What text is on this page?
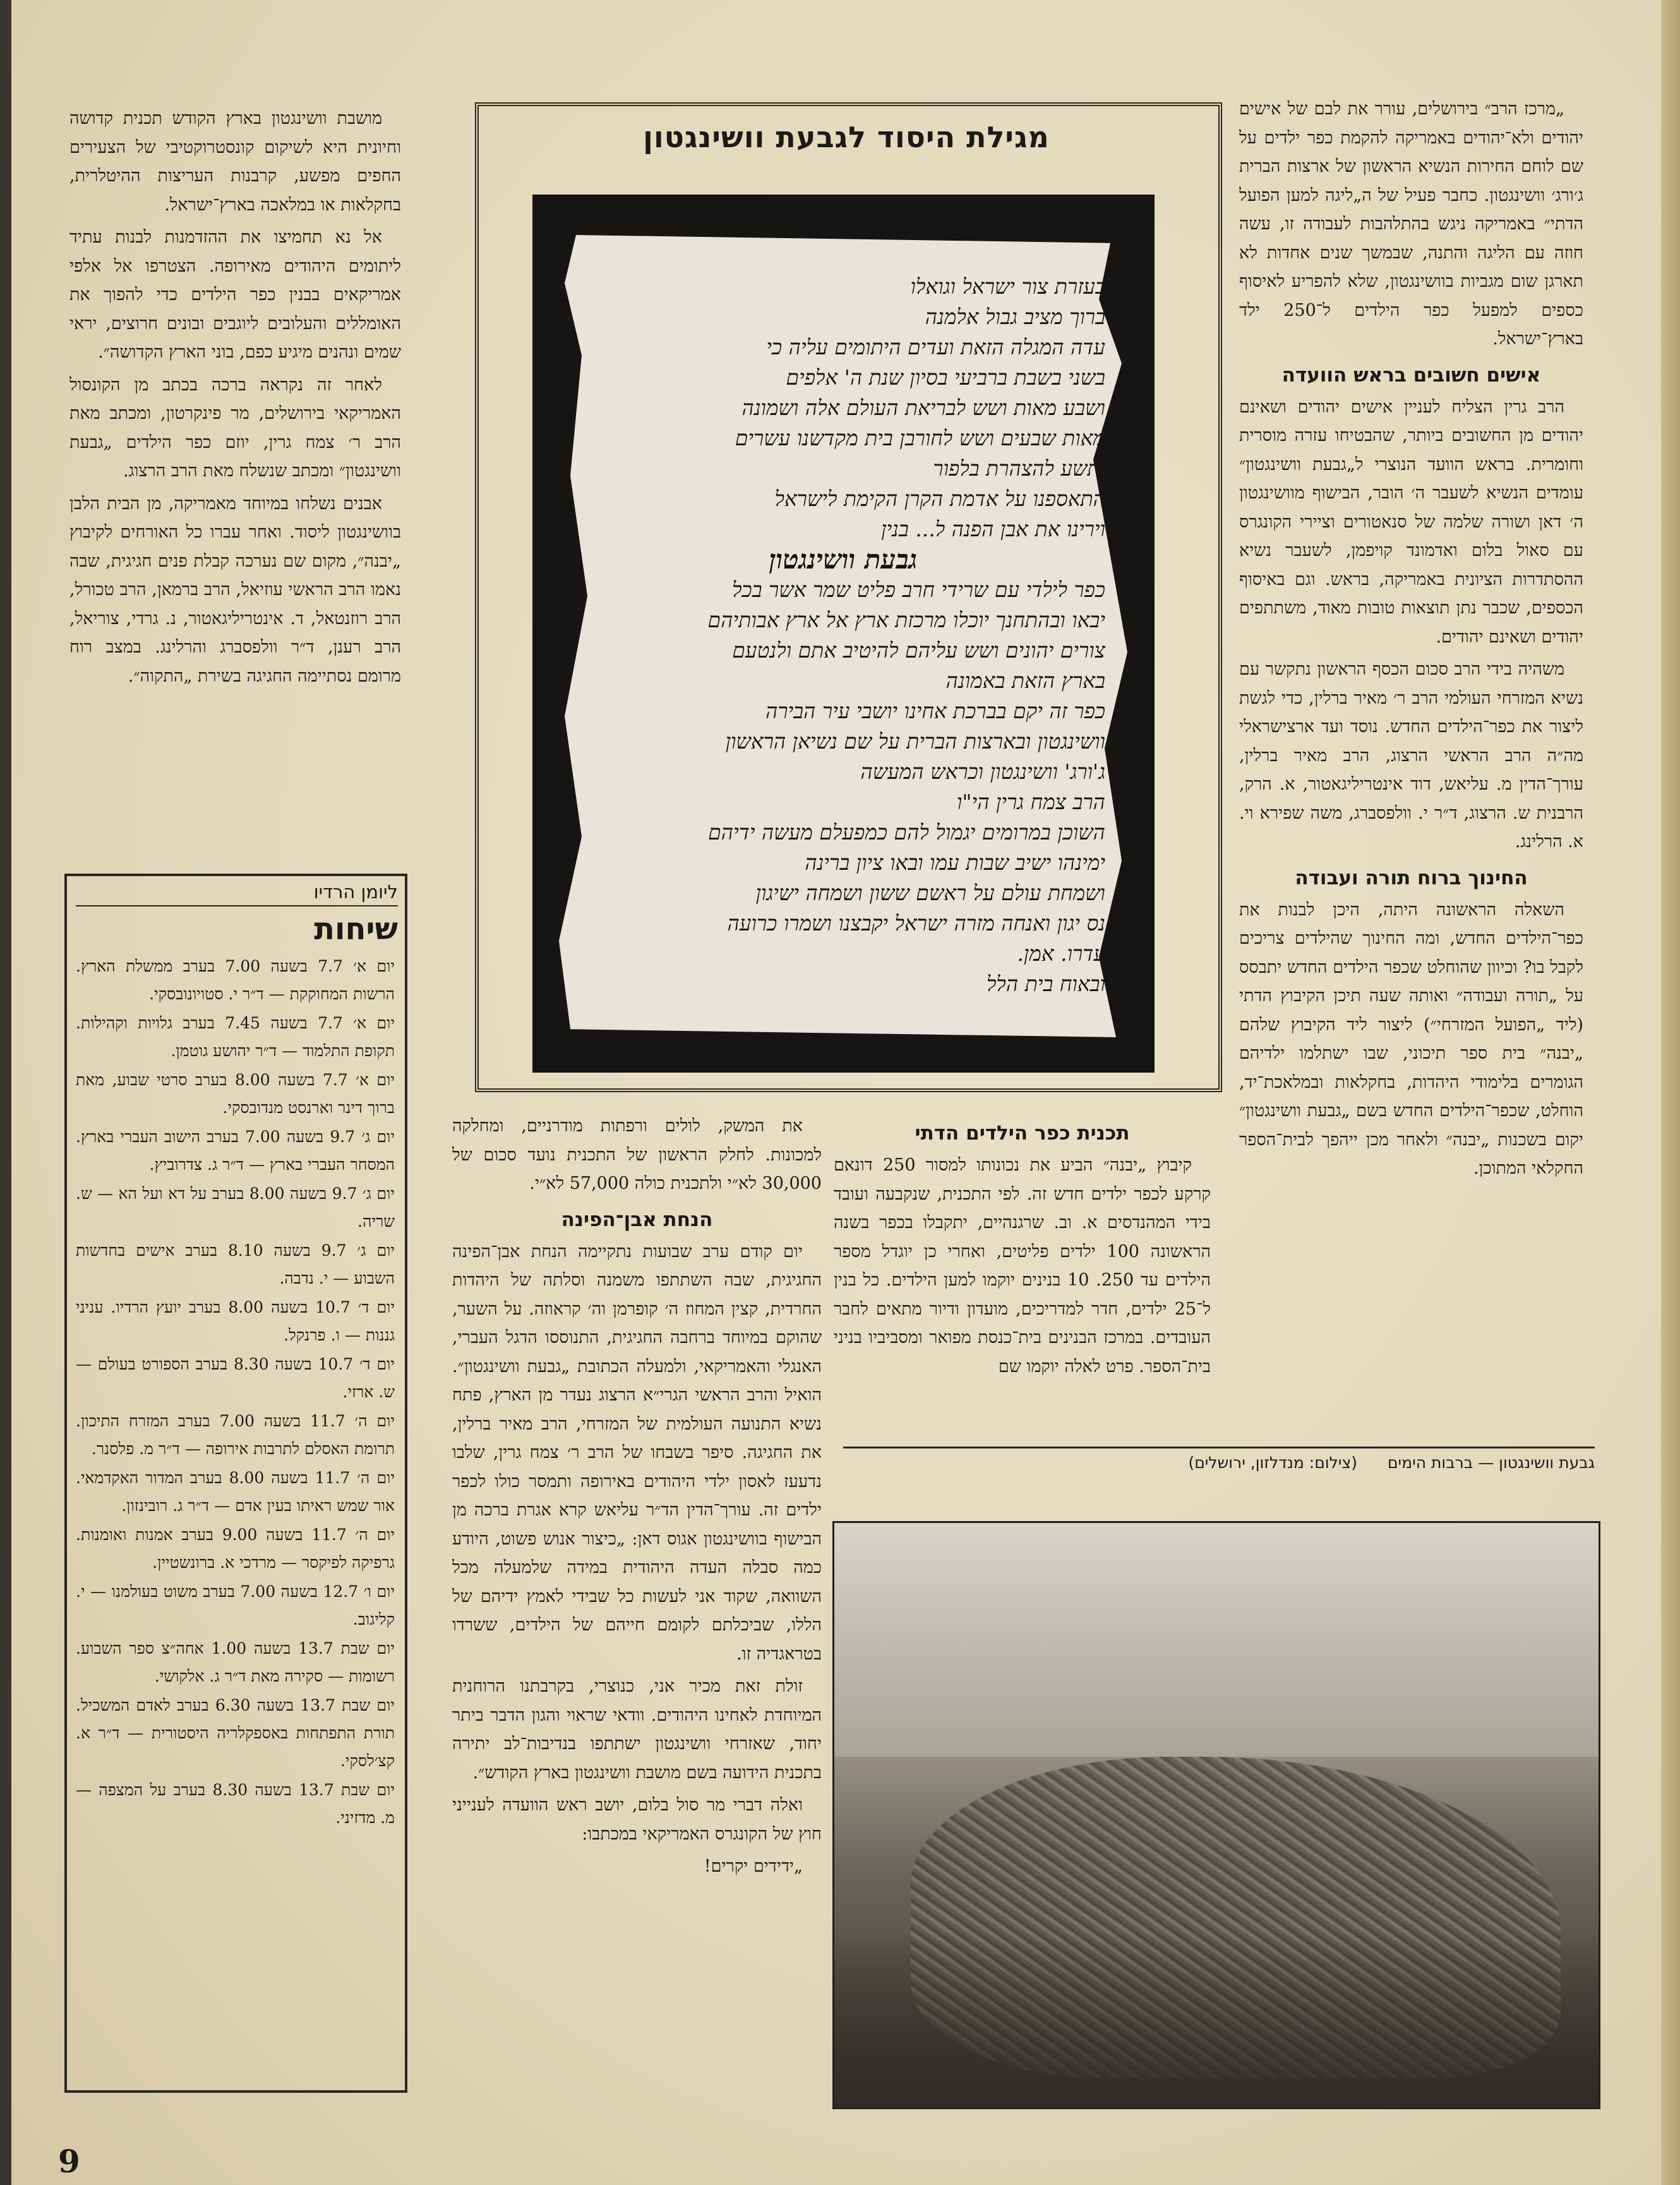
„מרכז הרב״ בירושלים, עורר את לבם של אישים יהודים ולא־יהודים באמריקה להקמת כפר ילדים על שם לוחם החירות הנשיא הראשון של ארצות הברית ג׳ורג׳ וושינגטון. כחבר פעיל של ה„ליגה למען הפועל הדתי״ באמריקה ניגש בהתלהבות לעבודה זו, עשה חוזה עם הליגה והתנה, שבמשך שנים אחדות לא תארגן שום מגביות בוושינגטון, שלא להפריע לאיסוף כספים למפעל כפר הילדים ל־250 ילד בארץ־ישראל.

אישים חשובים בראש הוועדה

הרב גרין הצליח לעניין אישים יהודים ושאינם יהודים מן החשובים ביותר, שהבטיחו עזרה מוסרית וחומרית. בראש הוועד הנוצרי ל„גבעת וושינגטון״ עומדים הנשיא לשעבר ה׳ הובר, הבישוף מוושינגטון ה׳ דאן ושורה שלמה של סנאטורים וציירי הקונגרס עם סאול בלום ואדמונד קויפמן, לשעבר נשיא ההסתדרות הציונית באמריקה, בראש. וגם באיסוף הכספים, שכבר נתן תוצאות טובות מאוד, משתתפים יהודים ושאינם יהודים.

משהיה בידי הרב סכום הכסף הראשון נתקשר עם נשיא המזרחי העולמי הרב ר׳ מאיר ברלין, כדי לגשת ליצור את כפר־הילדים החדש. נוסד ועד ארצישראלי מה״ה הרב הראשי הרצוג, הרב מאיר ברלין, עורך־הדין מ. עליאש, דוד אינטריליגאטור, א. הרק, הרבנית ש. הרצוג, ד״ר י. וולפסברג, משה שפירא וי. א. הרלינג.

החינוך ברוח תורה ועבודה

השאלה הראשונה היתה, היכן לבנות את כפר־הילדים החדש, ומה החינוך שהילדים צריכים לקבל בו? וכיוון שהוחלט שכפר הילדים החדש יתבסס על „תורה ועבודה״ ואותה שעה תיכן הקיבוץ הדתי (ליד „הפועל המזרחי״) ליצור ליד הקיבוץ שלהם „יבנה״ בית ספר תיכוני, שבו ישתלמו ילדיהם הגומרים בלימודי היהדות, בחקלאות ובמלאכת־יד, הוחלט, שכפר־הילדים החדש בשם „גבעת וושינגטון״ יקום בשכנות „יבנה״ ולאחר מכן ייהפך לבית־הספר החקלאי המתוכן.

מגילת היסוד לגבעת וושינגטון
בעזרת צור ישראל וגואלו
ברוך מציב גבול אלמנה
עדה המגלה הזאת ועדים היתומים עליה כי
בשני בשבת ברביעי בסיון שנת ה' אלפים
ושבע מאות ושש לבריאת העולם אלה ושמונה
מאות שבעים ושש לחורבן בית מקדשנו עשרים
ותשע להצהרת בלפור
התאספנו על אדמת הקרן הקימת לישראל
וירינו את אבן הפנה ל... בנין
גבעת וושינגטון
כפר לילדי עם שרידי חרב פליט שמר אשר בכל
יבאו ובהתחנך יוכלו מרכזת ארץ אל ארץ אבותיהם
צורים יהונים ושש עליהם להיטיב אתם ולנטעם
בארץ הזאת באמונה
כפר זה יקם בברכת אחינו יושבי עיר הבירה
וושינגטון ובארצות הברית על שם נשיאן הראשון
ג'ורג' וושינגטון וכראש המעשה
הרב צמח גרין הי"ו
השוכן במרומים יגמול להם כמפעלם מעשה ידיהם
ימינהו ישיב שבות עמו ובאו ציון ברינה
ושמחת עולם על ראשם ששון ושמחה ישיגון
נס יגון ואנחה מזרה ישראל יקבצנו ושמרו כרועה
עדרו. אמן.
ובאוח בית הלל
תכנית כפר הילדים הדתי

קיבוץ „יבנה״ הביע את נכונותו למסור 250 דונאם קרקע לכפר ילדים חדש זה. לפי התכנית, שנקבעה ועובד בידי המהנדסים א. וב. שרגנהיים, יתקבלו בכפר בשנה הראשונה 100 ילדים פליטים, ואחרי כן יוגדל מספר הילדים עד 250. 10 בנינים יוקמו למען הילדים. כל בנין ל־25 ילדים, חדר למדריכים, מועדון ודיור מתאים לחבר העובדים. במרכז הבנינים בית־כנסת מפואר ומסביביו בניני בית־הספר. פרט לאלה יוקמו שם

את המשק, לולים ורפתות מודרניים, ומחלקה למכונות. לחלק הראשון של התכנית נועד סכום של 30,000 לא״י ולתכנית כולה 57,000 לא״י.

הנחת אבן־הפינה

יום קודם ערב שבועות נתקיימה הנחת אבן־הפינה החגיגית, שבה השתתפו משמנה וסלתה של היהדות החרדית, קצין המחוז ה׳ קופרמן וה׳ קראוזה. על השער, שהוקם במיוחד ברחבה החגיגית, התנוססו הדגל העברי, האנגלי והאמריקאי, ולמעלה הכתובת „גבעת וושינגטון״. הואיל והרב הראשי הגרי״א הרצוג נעדר מן הארץ, פתח נשיא התנועה העולמית של המזרחי, הרב מאיר ברלין, את החגיגה. סיפר בשבחו של הרב ר׳ צמח גרין, שלבו נדעעז לאסון ילדי היהודים באירופה ותמסר כולו לכפר ילדים זה. עורך־הדין הד״ר עליאש קרא אגרת ברכה מן הבישוף בוושינגטון אגוס דאן: „כיצור אנוש פשוט, היודע כמה סבלה העדה היהודית במידה שלמעלה מכל השוואה, שקוד אני לעשות כל שבידי לאמץ ידיהם של הללו, שביכלתם לקומם חייהם של הילדים, ששרדו בטראגדיה זו.

זולת זאת מכיר אני, כנוצרי, בקרבתנו הרוחנית המיוחדת לאחינו היהודים. וודאי שראוי והגון הדבר ביתר יחוד, שאזרחי וושינגטון ישתתפו בנדיבות־לב יתירה בתכנית הידועה בשם מושבת וושינגטון בארץ הקודש״.

ואלה דברי מר סול בלום, יושב ראש הוועדה לענייני חוץ של הקונגרס האמריקאי במכתבו:

„ידידים יקרים!

מושבת וושינגטון בארץ הקודש תכנית קדושה וחיונית היא לשיקום קונסטרוקטיבי של הצעירים החפים מפשע, קרבנות העריצות ההיטלרית, בחקלאות או במלאכה בארץ־ישראל.

אל נא תחמיצו את ההזדמנות לבנות עתיד ליתומים היהודים מאירופה. הצטרפו אל אלפי אמריקאים בבנין כפר הילדים כדי להפוך את האומללים והעלובים ליוגבים ובונים חרוצים, יראי שמים ונהנים מיגיע כפם, בוני הארץ הקדושה״.

לאחר זה נקראה ברכה בכתב מן הקונסול האמריקאי בירושלים, מר פינקרטון, ומכתב מאת הרב ר׳ צמח גרין, יוזם כפר הילדים „גבעת וושינגטון״ ומכתב שנשלח מאת הרב הרצוג.

אבנים נשלחו במיוחד מאמריקה, מן הבית הלבן בוושינגטון ליסוד. ואחר עברו כל האורחים לקיבוץ „יבנה״, מקום שם נערכה קבלת פנים חגיגית, שבה נאמו הרב הראשי עוזיאל, הרב ברמאן, הרב טכורל, הרב רוזנטאל, ד. אינטריליגאטור, נ. גרדי, צוריאל, הרב רענן, ד״ר וולפסברג והרלינג. במצב רוח מרומם נסתיימה החגיגה בשירת „התקוה״.

גבעת וושינגטון — ברבות הימים (צילום: מנדלזון, ירושלים)
ליומן הרדיו
שיחות
יום א׳ 7.7 בשעה 7.00 בערב ממשלת הארץ. הרשות המחוקקת — ד״ר י. סטויונובסקי.
יום א׳ 7.7 בשעה 7.45 בערב גלויות וקהילות. תקופת התלמוד — ד״ר יהושע גוטמן.
יום א׳ 7.7 בשעה 8.00 בערב סרטי שבוע, מאת ברוך דינר וארנסט מנדובסקי.
יום ג׳ 9.7 בשעה 7.00 בערב הישוב העברי בארץ. המסחר העברי בארץ — ד״ר ג. צדרוביץ.
יום ג׳ 9.7 בשעה 8.00 בערב על דא ועל הא — ש. שריה.
יום ג׳ 9.7 בשעה 8.10 בערב אישים בחדשות השבוע — י. נדבה.
יום ד׳ 10.7 בשעה 8.00 בערב יועץ הרדיו. עניני גננות — ו. פרנקל.
יום ד׳ 10.7 בשעה 8.30 בערב הספורט בעולם — ש. ארזי.
יום ה׳ 11.7 בשעה 7.00 בערב המזרח התיכון. תרומת האסלם לתרבות אירופה — ד״ר מ. פלסנר.
יום ה׳ 11.7 בשעה 8.00 בערב המדור האקדמאי. אור שמש ראיתו בעין אדם — ד״ר ג. רובינזון.
יום ה׳ 11.7 בשעה 9.00 בערב אמנות ואומנות. גרפיקה לפיקסר — מרדכי א. ברונשטיין.
יום ו׳ 12.7 בשעה 7.00 בערב משוט בעולמנו — י. קליגוב.
יום שבת 13.7 בשעה 1.00 אחה״צ ספר השבוע. רשומות — סקירה מאת ד״ר ג. אלקושי.
יום שבת 13.7 בשעה 6.30 בערב לאדם המשכיל. תורת התפתחות באספקלריה היסטורית — ד״ר א. קצ׳לסקי.
יום שבת 13.7 בשעה 8.30 בערב על המצפה — מ. מדזיני.
9
